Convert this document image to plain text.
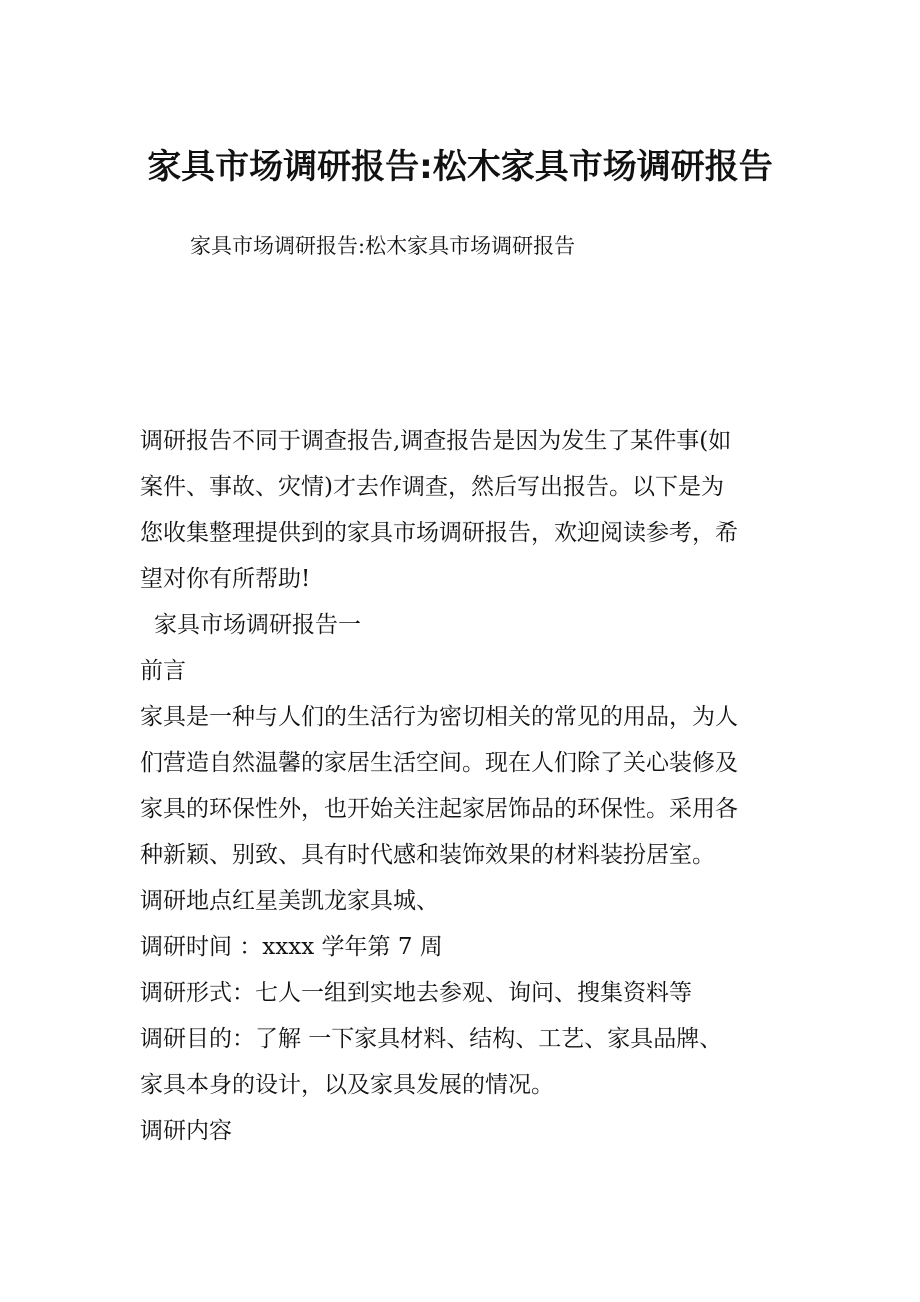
家具市场调研报告:松木家具市场调研报告
家具市场调研报告:松木家具市场调研报告
调研报告不同于调查报告,调查报告是因为发生了某件事(如
案件、事故、灾情)才去作调查，然后写出报告。以下是为
您收集整理提供到的家具市场调研报告，欢迎阅读参考，希
望对你有所帮助!
家具市场调研报告一
前言
家具是一种与人们的生活行为密切相关的常见的用品，为人
们营造自然温馨的家居生活空间。现在人们除了关心装修及
家具的环保性外，也开始关注起家居饰品的环保性。采用各
种新颖、别致、具有时代感和装饰效果的材料装扮居室。
调研地点红星美凯龙家具城、
调研时间 ：xxxx 学年第 7 周
调研形式：七人一组到实地去参观、询问、搜集资料等
调研目的：了解 一下家具材料、结构、工艺、家具品牌、
家具本身的设计，以及家具发展的情况。
调研内容
